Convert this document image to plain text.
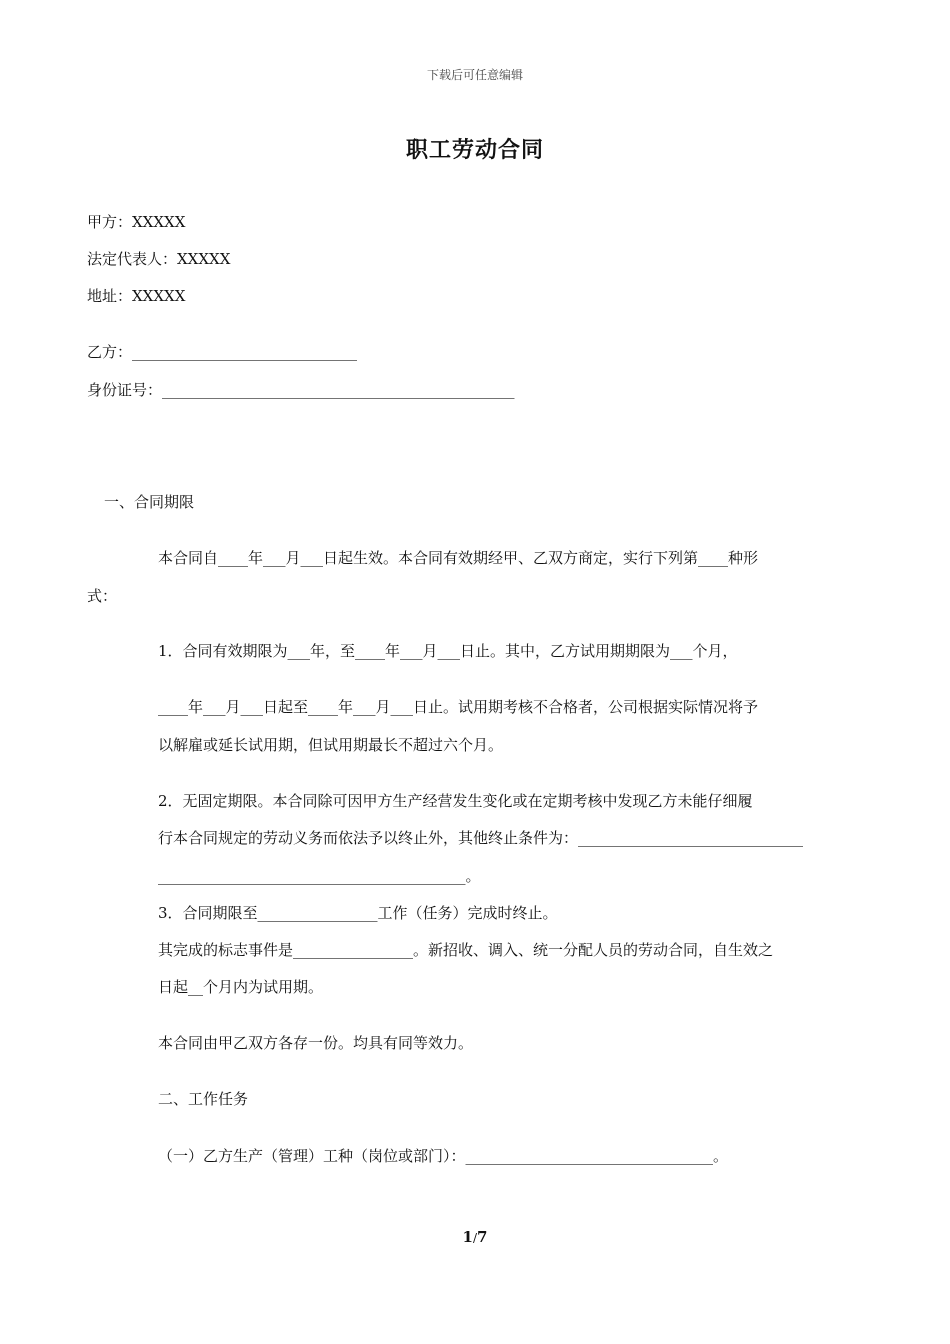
下载后可任意编辑
职工劳动合同
甲方：XXXXX
法定代表人：XXXXX
地址：XXXXX
乙方：______________________________
身份证号：_______________________________________________
一、合同期限
本合同自____年___月___日起生效。本合同有效期经甲、乙双方商定，实行下列第____种形
式：
1．合同有效期限为___年，至____年___月___日止。其中，乙方试用期期限为___个月，
____年___月___日起至____年___月___日止。试用期考核不合格者，公司根据实际情况将予
以解雇或延长试用期，但试用期最长不超过六个月。
2．无固定期限。本合同除可因甲方生产经营发生变化或在定期考核中发现乙方未能仔细履
行本合同规定的劳动义务而依法予以终止外，其他终止条件为：______________________________
_________________________________________。
3．合同期限至________________工作（任务）完成时终止。
其完成的标志事件是________________。新招收、调入、统一分配人员的劳动合同，自生效之
日起__个月内为试用期。
本合同由甲乙双方各存一份。均具有同等效力。
二、工作任务
（一）乙方生产（管理）工种（岗位或部门）：_________________________________。
1/7
